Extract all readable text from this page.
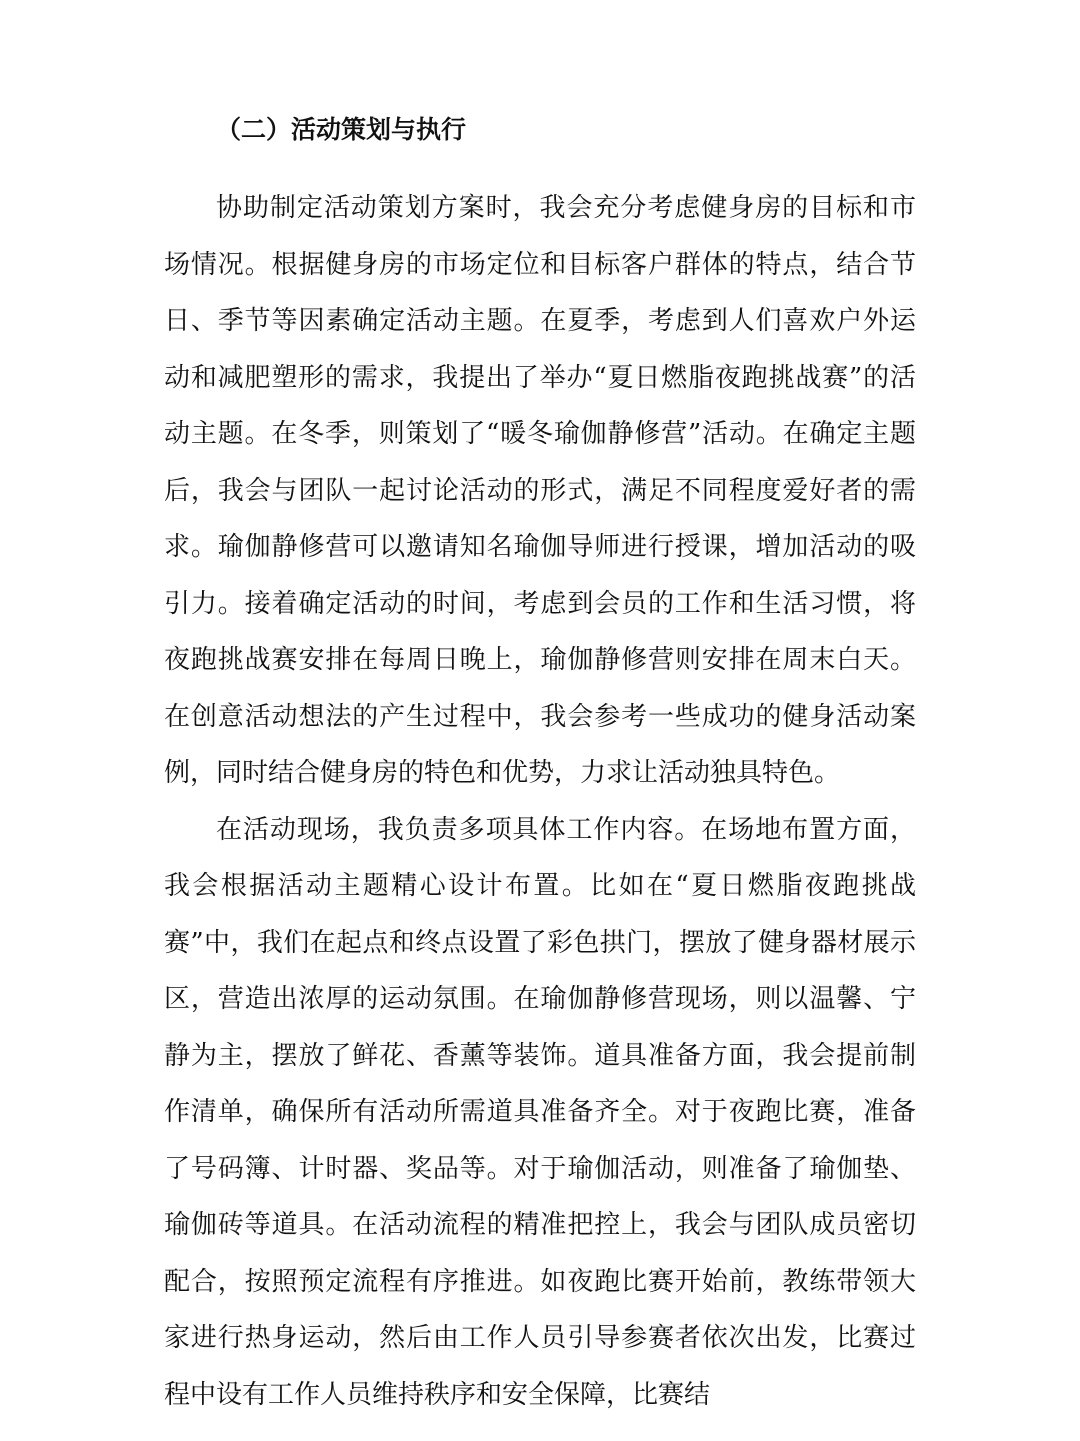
（二）活动策划与执行

协助制定活动策划方案时，我会充分考虑健身房的目标和市场情况。根据健身房的市场定位和目标客户群体的特点，结合节日、季节等因素确定活动主题。在夏季，考虑到人们喜欢户外运动和减肥塑形的需求，我提出了举办“夏日燃脂夜跑挑战赛”的活动主题。在冬季，则策划了“暖冬瑜伽静修营”活动。在确定主题后，我会与团队一起讨论活动的形式，满足不同程度爱好者的需求。瑜伽静修营可以邀请知名瑜伽导师进行授课，增加活动的吸引力。接着确定活动的时间，考虑到会员的工作和生活习惯，将夜跑挑战赛安排在每周日晚上，瑜伽静修营则安排在周末白天。在创意活动想法的产生过程中，我会参考一些成功的健身活动案例，同时结合健身房的特色和优势，力求让活动独具特色。

在活动现场，我负责多项具体工作内容。在场地布置方面，我会根据活动主题精心设计布置。比如在“夏日燃脂夜跑挑战赛”中，我们在起点和终点设置了彩色拱门，摆放了健身器材展示区，营造出浓厚的运动氛围。在瑜伽静修营现场，则以温馨、宁静为主，摆放了鲜花、香薰等装饰。道具准备方面，我会提前制作清单，确保所有活动所需道具准备齐全。对于夜跑比赛，准备了号码簿、计时器、奖品等。对于瑜伽活动，则准备了瑜伽垫、瑜伽砖等道具。在活动流程的精准把控上，我会与团队成员密切配合，按照预定流程有序推进。如夜跑比赛开始前，教练带领大家进行热身运动，然后由工作人员引导参赛者依次出发，比赛过程中设有工作人员维持秩序和安全保障，比赛结
